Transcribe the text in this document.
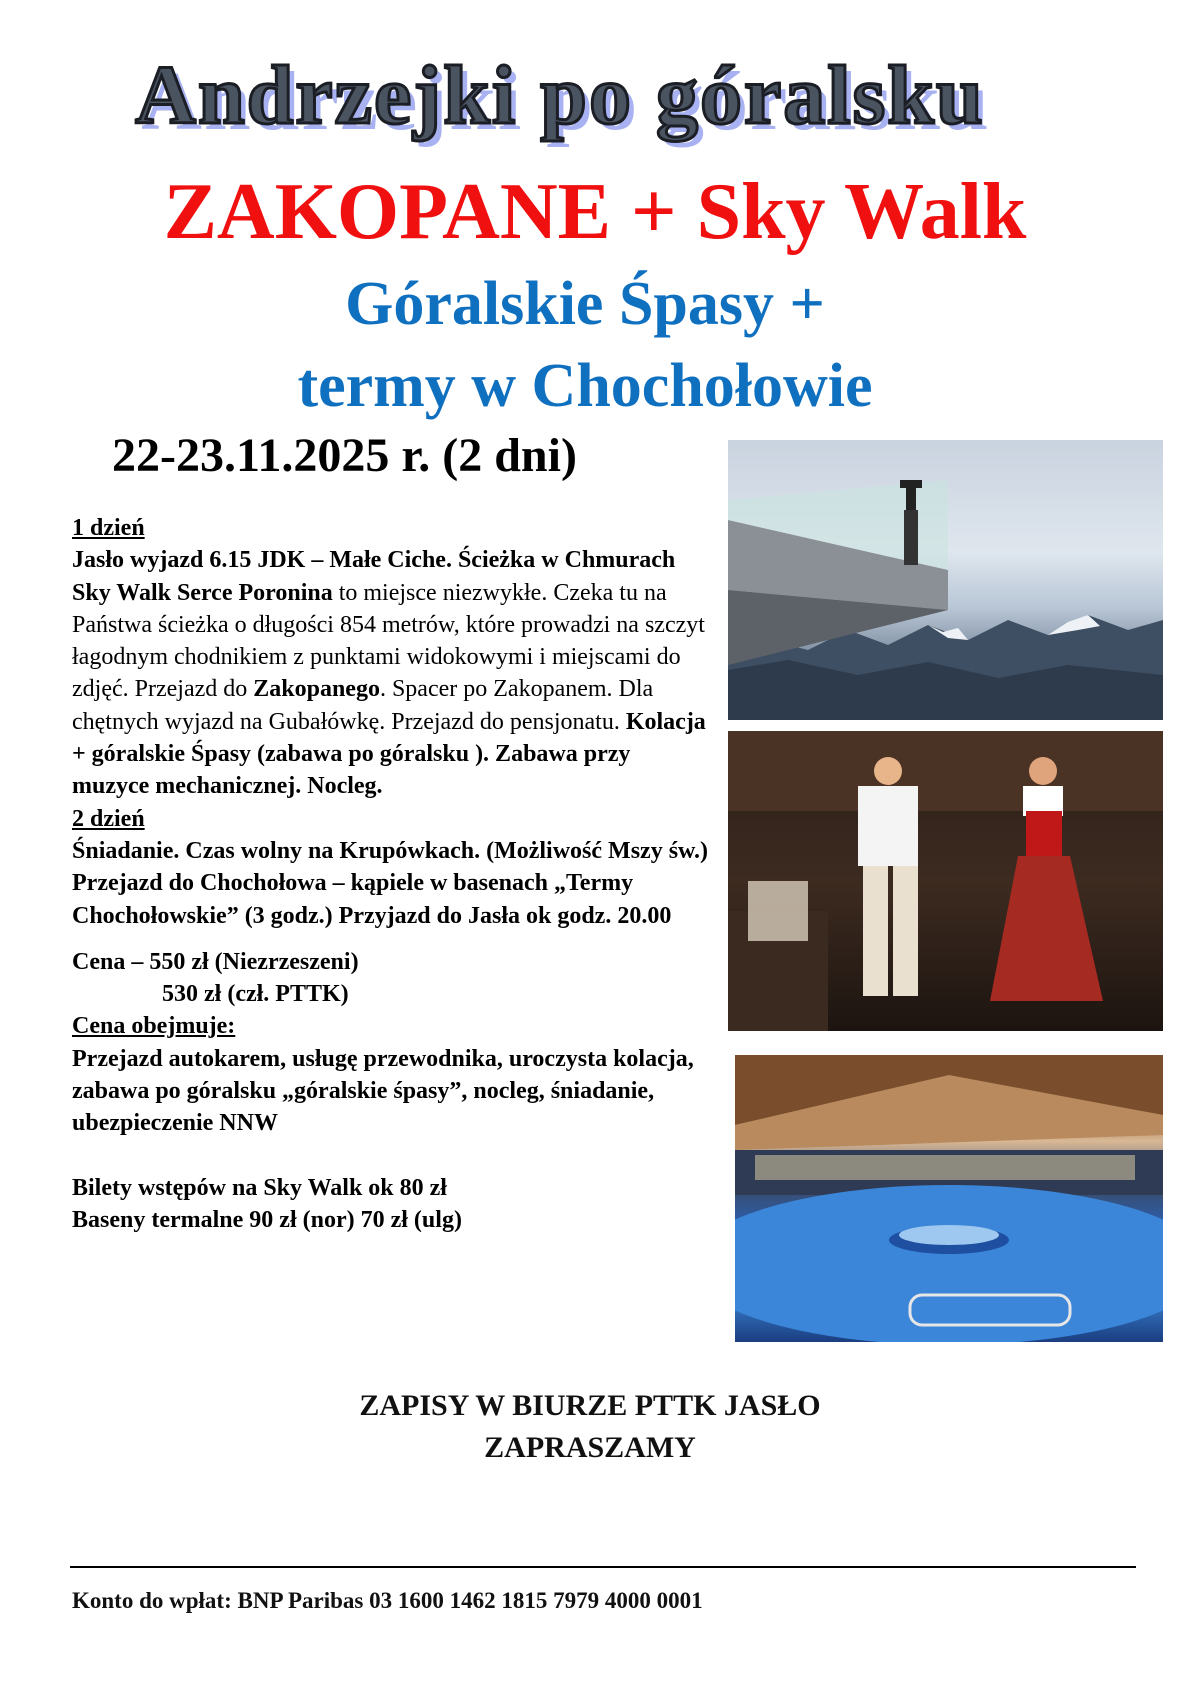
Andrzejki po góralsku
ZAKOPANE + Sky Walk
Góralskie Śpasy +
termy w Chochołowie
22-23.11.2025 r. (2 dni)

1 dzień

Jasło wyjazd 6.15 JDK – Małe Ciche. Ścieżka w Chmurach Sky Walk Serce Poronina to miejsce niezwykłe. Czeka tu na Państwa ścieżka o długości 854 metrów, które prowadzi na szczyt łagodnym chodnikiem z punktami widokowymi i miejscami do zdjęć. Przejazd do Zakopanego. Spacer po Zakopanem. Dla chętnych wyjazd na Gubałówkę. Przejazd do pensjonatu. Kolacja + góralskie Śpasy (zabawa po góralsku ). Zabawa przy muzyce mechanicznej. Nocleg.

2 dzień

Śniadanie. Czas wolny na Krupówkach. (Możliwość Mszy św.) Przejazd do Chochołowa – kąpiele w basenach „Termy Chochołowskie” (3 godz.) Przyjazd do Jasła ok godz. 20.00

Cena – 550 zł (Niezrzeszeni)

530 zł (czł. PTTK)

Cena obejmuje:

Przejazd autokarem, usługę przewodnika, uroczysta kolacja, zabawa po góralsku „góralskie śpasy”, nocleg, śniadanie, ubezpieczenie NNW

Bilety wstępów na Sky Walk ok 80 zł

Baseny termalne 90 zł (nor) 70 zł (ulg)

ZAPISY W BIURZE PTTK JASŁO
ZAPRASZAMY
Konto do wpłat: BNP Paribas 03 1600 1462 1815 7979 4000 0001
